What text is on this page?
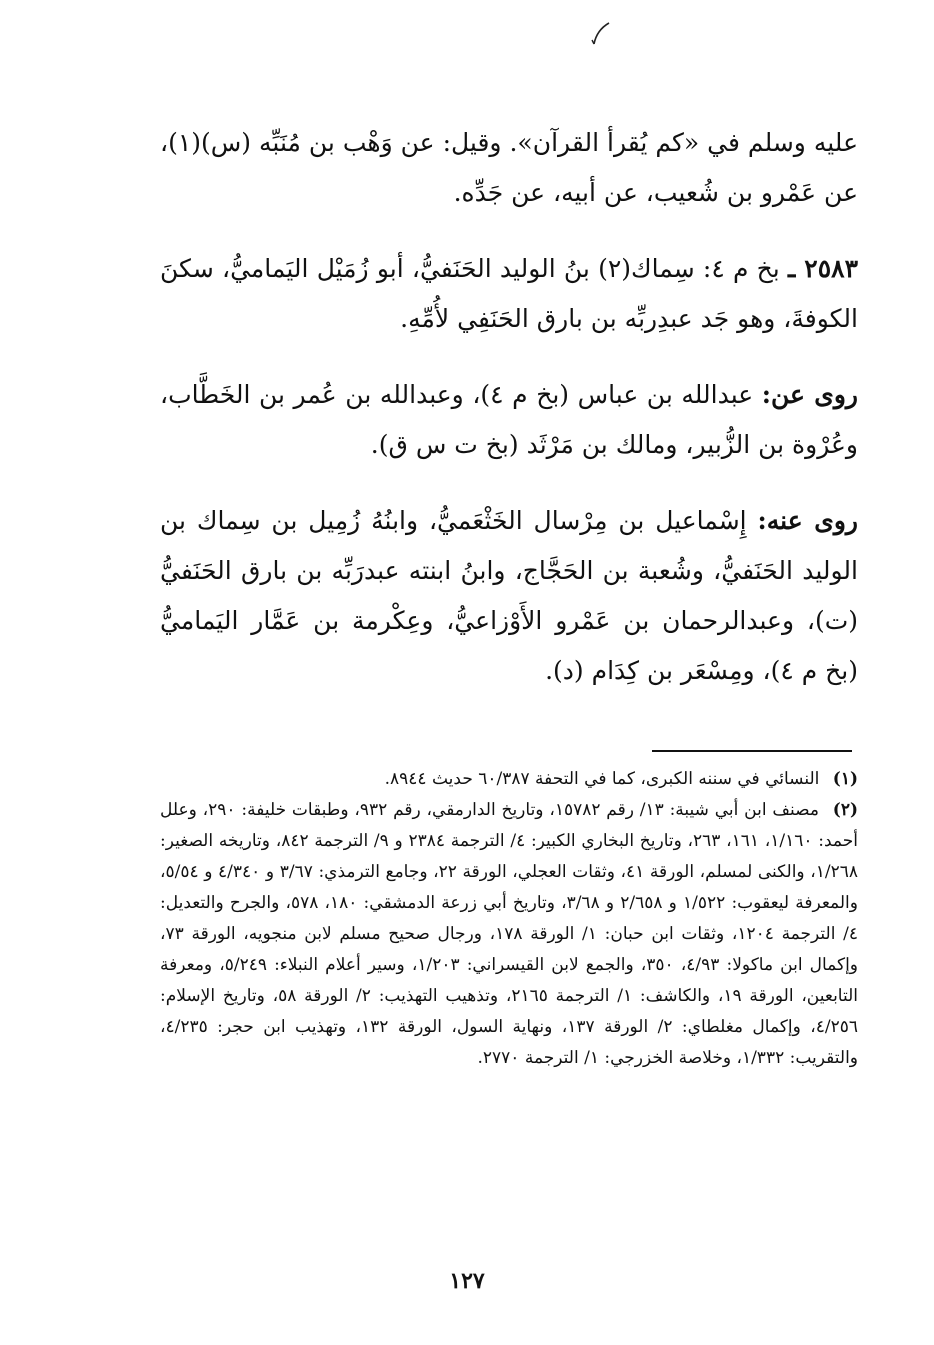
عليه وسلم في «كم يُقرأ القرآن». وقيل: عن وَهْب بن مُنَبِّه (س)(١)، عن عَمْرو بن شُعيب، عن أبيه، عن جَدِّه.

٢٥٨٣ ـ بخ م ٤: سِماك(٢) بنُ الوليد الحَنَفيُّ، أبو زُمَيْل اليَماميُّ، سكنَ الكوفةَ، وهو جَد عبدِربِّه بن بارق الحَنَفِي لأُمِّهِ.

روى عن: عبدالله بن عباس (بخ م ٤)، وعبدالله بن عُمر بن الخَطَّاب، وعُرْوة بن الزُّبير، ومالك بن مَرْثَد (بخ ت س ق).

روى عنه: إِسْماعيل بن مِرْسال الخَثْعَميُّ، وابنُهُ زُمِيل بن سِماك بن الوليد الحَنَفيُّ، وشُعبة بن الحَجَّاج، وابنُ ابنته عبدرَبِّه بن بارق الحَنَفيُّ (ت)، وعبدالرحمان بن عَمْرو الأَوْزاعيُّ، وعِكْرمة بن عَمَّار اليَماميُّ (بخ م ٤)، ومِسْعَر بن كِدَام (د).

(١) النسائي في سننه الكبرى، كما في التحفة ٦٠/٣٨٧ حديث ٨٩٤٤.

(٢) مصنف ابن أبي شيبة: ١٣/ رقم ١٥٧٨٢، وتاريخ الدارمقي، رقم ٩٣٢، وطبقات خليفة: ٢٩٠، وعلل أحمد: ١/١٦٠، ١٦١، ٢٦٣، وتاريخ البخاري الكبير: ٤/ الترجمة ٢٣٨٤ و ٩/ الترجمة ٨٤٢، وتاريخه الصغير: ١/٢٦٨، والكنى لمسلم، الورقة ٤١، وثقات العجلي، الورقة ٢٢، وجامع الترمذي: ٣/٦٧ و ٤/٣٤٠ و ٥/٥٤، والمعرفة ليعقوب: ١/٥٢٢ و ٢/٦٥٨ و ٣/٦٨، وتاريخ أبي زرعة الدمشقي: ١٨٠، ٥٧٨، والجرح والتعديل: ٤/ الترجمة ١٢٠٤، وثقات ابن حبان: ١/ الورقة ١٧٨، ورجال صحيح مسلم لابن منجويه، الورقة ٧٣، وإكمال ابن ماكولا: ٤/٩٣، ٣٥٠، والجمع لابن القيسراني: ١/٢٠٣، وسير أعلام النبلاء: ٥/٢٤٩، ومعرفة التابعين، الورقة ١٩، والكاشف: ١/ الترجمة ٢١٦٥، وتذهيب التهذيب: ٢/ الورقة ٥٨، وتاريخ الإسلام: ٤/٢٥٦، وإكمال مغلطاي: ٢/ الورقة ١٣٧، ونهاية السول، الورقة ١٣٢، وتهذيب ابن حجر: ٤/٢٣٥، والتقريب: ١/٣٣٢، وخلاصة الخزرجي: ١/ الترجمة ٢٧٧٠.

١٢٧
